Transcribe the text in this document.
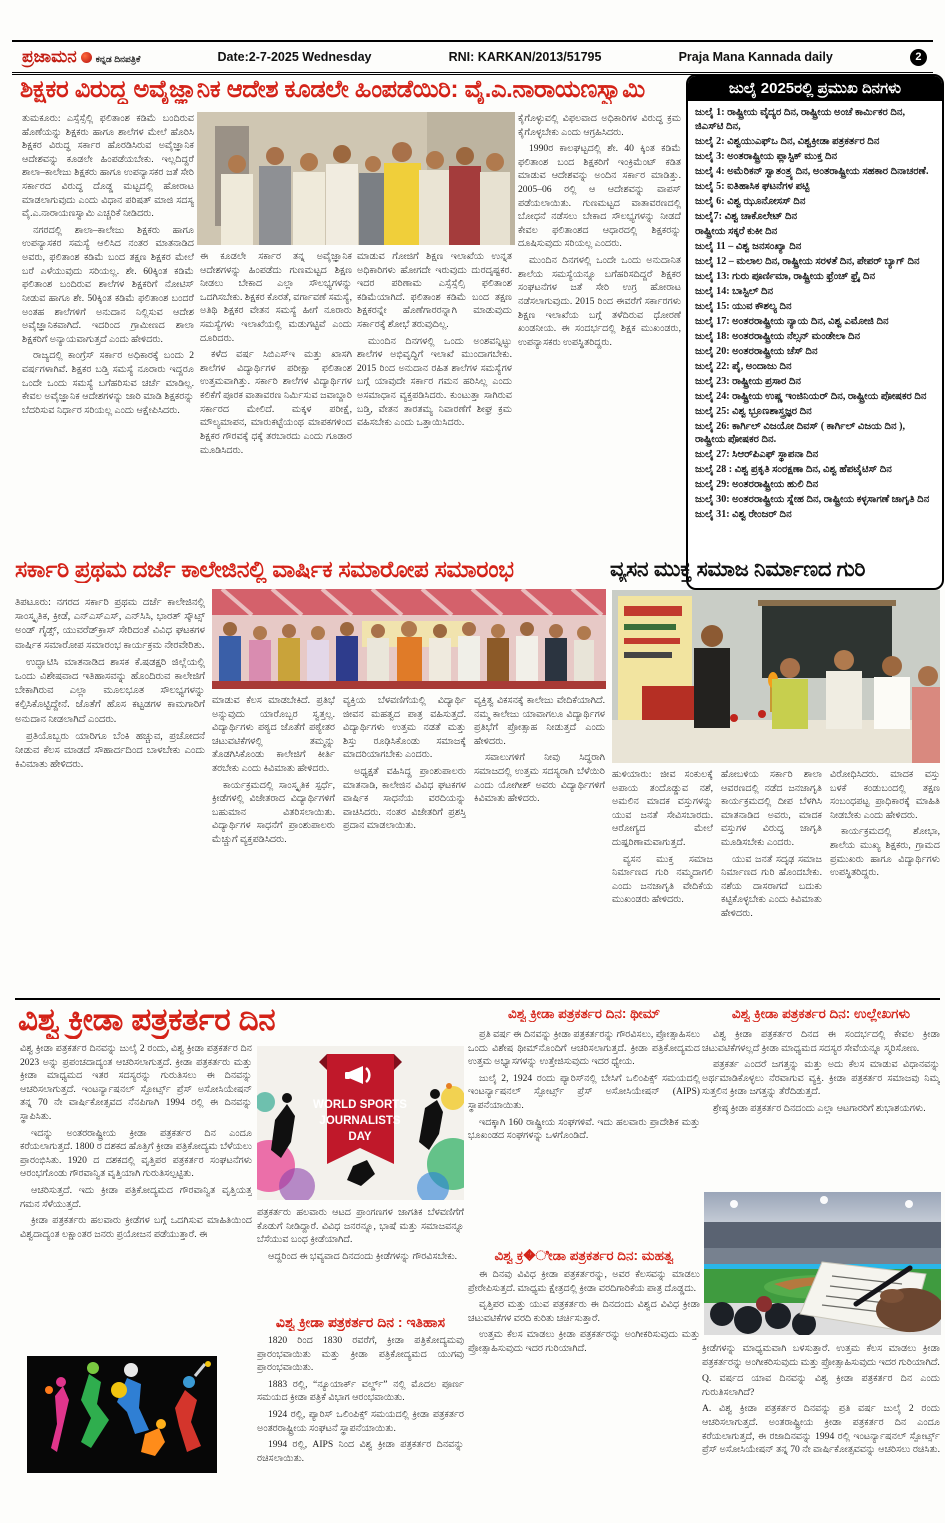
ಪ್ರಜಾಮನ ಕನ್ನಡ ದಿನಪತ್ರಿಕೆ	Date:2-7-2025 Wednesday	RNI: KARKAN/2013/51795	Praja Mana Kannada daily	2
ಶಿಕ್ಷಕರ ವಿರುದ್ಧ ಅವೈಜ್ಞಾನಿಕ ಆದೇಶ ಕೂಡಲೇ ಹಿಂಪಡೆಯಿರಿ: ವೈ.ಎ.ನಾರಾಯಣಸ್ವಾಮಿ

ತುಮಕೂರು: ಎಸ್ಸೆಸ್ಸೆಲ್ಲಿ ಫಲಿತಾಂಶ ಕಡಿಮೆ ಬಂದಿರುವ ಹೊಣೆಯನ್ನು ಶಿಕ್ಷಕರು ಹಾಗೂ ಶಾಲೆಗಳ ಮೇಲೆ ಹೊರಿಸಿ ಶಿಕ್ಷಕರ ವಿರುದ್ಧ ಸರ್ಕಾರ ಹೊರಡಿಸಿರುವ ಅವೈಜ್ಞಾನಿಕ ಆದೇಶವನ್ನು ಕೂಡಲೇ ಹಿಂಪಡೆಯಬೇಕು. ಇಲ್ಲದಿದ್ದರೆ ಶಾಲಾ–ಕಾಲೇಜು ಶಿಕ್ಷಕರು ಹಾಗೂ ಉಪನ್ಯಾಸಕರ ಜತೆ ಸೇರಿ ಸರ್ಕಾರದ ವಿರುದ್ಧ ದೊಡ್ಡ ಮಟ್ಟದಲ್ಲಿ ಹೋರಾಟ ಮಾಡಲಾಗುವುದು ಎಂದು ವಿಧಾನ ಪರಿಷತ್ ಮಾಜಿ ಸದಸ್ಯ ವೈ.ಎ.ನಾರಾಯಣಸ್ವಾಮಿ ಎಚ್ಚರಿಕೆ ನೀಡಿದರು.

ನಗರದಲ್ಲಿ ಶಾಲಾ–ಕಾಲೇಜು ಶಿಕ್ಷಕರು ಹಾಗೂ ಉಪನ್ಯಾಸಕರ ಸಮಸ್ಯೆ ಆಲಿಸಿದ ನಂತರ ಮಾತನಾಡಿದ ಅವರು, ಫಲಿತಾಂಶ ಕಡಿಮೆ ಬಂದ ತಕ್ಷಣ ಶಿಕ್ಷಕರ ಮೇಲೆ ಬರೆ ಎಳೆಯುವುದು ಸರಿಯಲ್ಲ. ಶೇ. 60ಕ್ಕಿಂತ ಕಡಿಮೆ ಫಲಿತಾಂಶ ಬಂದಿರುವ ಶಾಲೆಗಳ ಶಿಕ್ಷಕರಿಗೆ ನೋಟಿಸ್ ನೀಡುವ ಹಾಗೂ ಶೇ. 50ಕ್ಕಿಂತ ಕಡಿಮೆ ಫಲಿತಾಂಶ ಬಂದರೆ ಅಂತಹ ಶಾಲೆಗಳಿಗೆ ಅನುದಾನ ನಿಲ್ಲಿಸುವ ಆದೇಶ ಅವೈಜ್ಞಾನಿಕವಾಗಿದೆ. ಇದರಿಂದ ಗ್ರಾಮೀಣದ ಶಾಲಾ ಶಿಕ್ಷಕರಿಗೆ ಅನ್ಯಾಯವಾಗುತ್ತದೆ ಎಂದು ಹೇಳಿದರು.

ರಾಜ್ಯದಲ್ಲಿ ಕಾಂಗ್ರೆಸ್ ಸರ್ಕಾರ ಅಧಿಕಾರಕ್ಕೆ ಬಂದು 2 ವರ್ಷಗಳಾಗಿವೆ. ಶಿಕ್ಷಕರ ಬಡ್ತಿ ಸಮಸ್ಯೆ ನೂರಾರು ಇದ್ದರೂ ಒಂದೇ ಒಂದು ಸಮಸ್ಯೆ ಬಗೆಹರಿಸುವ ಚರ್ಚೆ ಮಾಡಿಲ್ಲ. ಕೇವಲ ಅವೈಜ್ಞಾನಿಕ ಆದೇಶಗಳನ್ನು ಜಾರಿ ಮಾಡಿ ಶಿಕ್ಷಕರನ್ನು ಬೆದರಿಸುವ ನಿರ್ಧಾರ ಸರಿಯಲ್ಲ ಎಂದು ಆಕ್ಷೇಪಿಸಿದರು.

ಈ ಕೂಡಲೇ ಸರ್ಕಾರ ತನ್ನ ಅವೈಜ್ಞಾನಿಕ ಆದೇಶಗಳನ್ನು ಹಿಂಪಡೆದು ಗುಣಮಟ್ಟದ ಶಿಕ್ಷಣ ನೀಡಲು ಬೇಕಾದ ಎಲ್ಲಾ ಸೌಲಭ್ಯಗಳನ್ನು ಒದಗಿಸಬೇಕು. ಶಿಕ್ಷಕರ ಕೊರತೆ, ವರ್ಗಾವಣೆ ಸಮಸ್ಯೆ, ಅತಿಥಿ ಶಿಕ್ಷಕರ ವೇತನ ಸಮಸ್ಯೆ ಹೀಗೆ ನೂರಾರು ಸಮಸ್ಯೆಗಳು ಇಲಾಖೆಯಲ್ಲಿ ಮಡುಗಟ್ಟಿವೆ ಎಂದು ದೂರಿದರು.

ಕಳೆದ ವರ್ಷ ಸಿಬಿಎಸ್‌ಇ ಮತ್ತು ಖಾಸಗಿ ಶಾಲೆಗಳ ವಿದ್ಯಾರ್ಥಿಗಳ ಪರೀಕ್ಷಾ ಫಲಿತಾಂಶ ಉತ್ತಮವಾಗಿತ್ತು. ಸರ್ಕಾರಿ ಶಾಲೆಗಳ ವಿದ್ಯಾರ್ಥಿಗಳ ಕಲಿಕೆಗೆ ಪೂರಕ ವಾತಾವರಣ ನಿರ್ಮಿಸುವ ಜವಾಬ್ದಾರಿ ಸರ್ಕಾರದ ಮೇಲಿದೆ. ಮಕ್ಕಳ ಪರೀಕ್ಷೆ, ಮೌಲ್ಯಮಾಪನ, ಮಾರುಕಟ್ಟೆಯಂಥ ಮಾಪಕಗಳಿಂದ ಶಿಕ್ಷಕರ ಗೌರವಕ್ಕೆ ಧಕ್ಕೆ ತರಬಾರದು ಎಂದು ಗೂಡಾರ ಮೂಡಿಸಿದರು.

ಮಾಡುವ ಗೋಜಿಗೆ ಶಿಕ್ಷಣ ಇಲಾಖೆಯ ಉನ್ನತ ಅಧಿಕಾರಿಗಳು ಹೋಗದೇ ಇರುವುದು ದುರದೃಷ್ಟಕರ. ಇದರ ಪರಿಣಾಮ ಎಸ್ಸೆಸ್ಸೆಲ್ಸಿ ಫಲಿತಾಂಶ ಕಡಿಮೆಯಾಗಿದೆ. ಫಲಿತಾಂಶ ಕಡಿಮೆ ಬಂದ ತಕ್ಷಣ ಶಿಕ್ಷಕರನ್ನೇ ಹೊಣೆಗಾರರನ್ನಾಗಿ ಮಾಡುವುದು ಸರ್ಕಾರಕ್ಕೆ ಶೋಭೆ ತರುವುದಿಲ್ಲ.

ಮುಂದಿನ ದಿನಗಳಲ್ಲಿ ಒಂದು ಅಂಶವನ್ನಿಟ್ಟು ಶಾಲೆಗಳ ಅಭಿವೃದ್ಧಿಗೆ ಇಲಾಖೆ ಮುಂದಾಗಬೇಕು. 2015 ರಿಂದ ಅನುದಾನ ರಹಿತ ಶಾಲೆಗಳ ಸಮಸ್ಯೆಗಳ ಬಗ್ಗೆ ಯಾವುದೇ ಸರ್ಕಾರ ಗಮನ ಹರಿಸಿಲ್ಲ ಎಂದು ಅಸಮಾಧಾನ ವ್ಯಕ್ತಪಡಿಸಿದರು. ಕುಂಟುತ್ತಾ ಸಾಗಿರುವ ಬಡ್ತಿ, ವೇತನ ತಾರತಮ್ಯ ನಿವಾರಣೆಗೆ ಶೀಘ್ರ ಕ್ರಮ ವಹಿಸಬೇಕು ಎಂದು ಒತ್ತಾಯಿಸಿದರು.

ಕೈಗೊಳ್ಳುವಲ್ಲಿ ವಿಫಲವಾದ ಅಧಿಕಾರಿಗಳ ವಿರುದ್ಧ ಕ್ರಮ ಕೈಗೊಳ್ಳಬೇಕು ಎಂದು ಆಗ್ರಹಿಸಿದರು.

1990ರ ಕಾಲಘಟ್ಟದಲ್ಲಿ ಶೇ. 40 ಕ್ಕಿಂತ ಕಡಿಮೆ ಫಲಿತಾಂಶ ಬಂದ ಶಿಕ್ಷಕರಿಗೆ ಇಂಕ್ರಿಮೆಂಟ್ ಕಡಿತ ಮಾಡುವ ಆದೇಶವನ್ನು ಅಂದಿನ ಸರ್ಕಾರ ಮಾಡಿತ್ತು. 2005–06 ರಲ್ಲಿ ಆ ಆದೇಶವನ್ನು ವಾಪಸ್ ಪಡೆಯಲಾಯಿತು. ಗುಣಮಟ್ಟದ ವಾತಾವರಣದಲ್ಲಿ ಬೋಧನೆ ನಡೆಸಲು ಬೇಕಾದ ಸೌಲಭ್ಯಗಳನ್ನು ನೀಡದೆ ಕೇವಲ ಫಲಿತಾಂಶದ ಆಧಾರದಲ್ಲಿ ಶಿಕ್ಷಕರನ್ನು ದೂಷಿಸುವುದು ಸರಿಯಲ್ಲ ಎಂದರು.

ಮುಂದಿನ ದಿನಗಳಲ್ಲಿ ಒಂದೇ ಒಂದು ಅನುದಾನಿತ ಶಾಲೆಯ ಸಮಸ್ಯೆಯನ್ನೂ ಬಗೆಹರಿಸದಿದ್ದರೆ ಶಿಕ್ಷಕರ ಸಂಘಟನೆಗಳ ಜತೆ ಸೇರಿ ಉಗ್ರ ಹೋರಾಟ ನಡೆಸಲಾಗುವುದು. 2015 ರಿಂದ ಈವರೆಗೆ ಸರ್ಕಾರಗಳು ಶಿಕ್ಷಣ ಇಲಾಖೆಯ ಬಗ್ಗೆ ತಳೆದಿರುವ ಧೋರಣೆ ಖಂಡನೀಯ. ಈ ಸಂದರ್ಭದಲ್ಲಿ ಶಿಕ್ಷಕ ಮುಖಂಡರು, ಉಪನ್ಯಾಸಕರು ಉಪಸ್ಥಿತರಿದ್ದರು.

ಜುಲೈ 2025ರಲ್ಲಿ ಪ್ರಮುಖ ದಿನಗಳು
ಜುಲೈ 1: ರಾಷ್ಟ್ರೀಯ ವೈದ್ಯರ ದಿನ, ರಾಷ್ಟ್ರೀಯ ಅಂಚೆ ಕಾರ್ಮಿಕರ ದಿನ, ಜಿಎಸ್‌ಟಿ ದಿನ,
ಜುಲೈ 2: ವಿಶ್ವಯುಎಫ್‌ಒ ದಿನ, ವಿಶ್ವಕ್ರೀಡಾ ಪತ್ರಕರ್ತರ ದಿನ
ಜುಲೈ 3: ಅಂತರಾಷ್ಟ್ರೀಯ ಪ್ಲಾಸ್ಟಿಕ್ ಮುಕ್ತ ದಿನ
ಜುಲೈ 4: ಅಮೆರಿಕನ್ ಸ್ವಾತಂತ್ರ್ಯ ದಿನ, ಅಂತರಾಷ್ಟ್ರೀಯ ಸಹಕಾರ ದಿನಾಚರಣೆ.
ಜುಲೈ 5: ಐತಿಹಾಸಿಕ ಘಟನೆಗಳ ಪಟ್ಟಿ
ಜುಲೈ 6: ವಿಶ್ವ ಝೂನೋಸಸ್ ದಿನ
ಜುಲೈ7: ವಿಶ್ವ ಚಾಕೊಲೇಟ್ ದಿನ
ರಾಷ್ಟ್ರೀಯ ಸಕ್ಕರೆ ಕುಕೀ ದಿನ
ಜುಲೈ 11 – ವಿಶ್ವ ಜನಸಂಖ್ಯಾ ದಿನ
ಜುಲೈ 12 – ಮಲಾಲ ದಿನ, ರಾಷ್ಟ್ರೀಯ ಸರಳತೆ ದಿನ, ಪೇಪರ್ ಬ್ಯಾಗ್ ದಿನ
ಜುಲೈ 13: ಗುರು ಪೂರ್ಣಿಮಾ, ರಾಷ್ಟ್ರೀಯ ಫ್ರೆಂಚ್ ಫ್ರೈ ದಿನ
ಜುಲೈ 14: ಬಾಸ್ಟಿಲ್ ದಿನ
ಜುಲೈ 15: ಯುವ ಕೌಶಲ್ಯ ದಿನ
ಜುಲೈ 17: ಅಂತರರಾಷ್ಟ್ರೀಯ ನ್ಯಾಯ ದಿನ, ವಿಶ್ವ ಎಮೋಜಿ ದಿನ
ಜುಲೈ 18: ಅಂತರರಾಷ್ಟ್ರೀಯ ನೆಲ್ಸನ್ ಮಂಡೇಲಾ ದಿನ
ಜುಲೈ 20: ಅಂತರರಾಷ್ಟ್ರೀಯ ಚೆಸ್ ದಿನ
ಜುಲೈ 22: ಪೈ, ಅಂದಾಜು ದಿನ
ಜುಲೈ 23: ರಾಷ್ಟ್ರೀಯ ಪ್ರಸಾರ ದಿನ
ಜುಲೈ 24: ರಾಷ್ಟ್ರೀಯ ಉಷ್ಣ ಇಂಜಿನಿಯರ್ ದಿನ, ರಾಷ್ಟ್ರೀಯ ಪೋಷಕರ ದಿನ
ಜುಲೈ 25: ವಿಶ್ವ ಭ್ರೂಣಶಾಸ್ತ್ರಜ್ಞರ ದಿನ
ಜುಲೈ 26: ಕಾರ್ಗಿಲ್ ವಿಜಯೋ ದಿವಸ್ ( ಕಾರ್ಗಿಲ್ ವಿಜಯ ದಿನ ), ರಾಷ್ಟ್ರೀಯ ಪೋಷಕರ ದಿನ.
ಜುಲೈ 27: ಸಿಆರ್‌ಪಿಎಫ್ ಸ್ಥಾಪನಾ ದಿನ
ಜುಲೈ 28 : ವಿಶ್ವ ಪ್ರಕೃತಿ ಸಂರಕ್ಷಣಾ ದಿನ, ವಿಶ್ವ ಹೆಪಟೈಟಿಸ್ ದಿನ
ಜುಲೈ 29: ಅಂತರರಾಷ್ಟ್ರೀಯ ಹುಲಿ ದಿನ
ಜುಲೈ 30: ಅಂತರರಾಷ್ಟ್ರೀಯ ಸ್ನೇಹ ದಿನ, ರಾಷ್ಟ್ರೀಯ ಕಳ್ಳಸಾಗಣೆ ಜಾಗೃತಿ ದಿನ
ಜುಲೈ 31: ವಿಶ್ವ ರೇಂಜರ್ ದಿನ
ಸರ್ಕಾರಿ ಪ್ರಥಮ ದರ್ಜೆ ಕಾಲೇಜಿನಲ್ಲಿ ವಾರ್ಷಿಕ ಸಮಾರೋಪ ಸಮಾರಂಭ	ವ್ಯಸನ ಮುಕ್ತ ಸಮಾಜ ನಿರ್ಮಾಣದ ಗುರಿ

ತಿಪಟೂರು: ನಗರದ ಸರ್ಕಾರಿ ಪ್ರಥಮ ದರ್ಜೆ ಕಾಲೇಜಿನಲ್ಲಿ ಸಾಂಸ್ಕೃತಿಕ, ಕ್ರೀಡೆ, ಎನ್‌ಎಸ್‌ಎಸ್, ಎನ್‌ಸಿಸಿ, ಭಾರತ್ ಸ್ಕೌಟ್ಸ್ ಅಂಡ್ ಗೈಡ್ಸ್, ಯುವರೆಡ್‌ಕ್ರಾಸ್ ಸೇರಿದಂತೆ ವಿವಿಧ ಘಟಕಗಳ ವಾರ್ಷಿಕ ಸಮಾರೋಪ ಸಮಾರಂಭ ಕಾರ್ಯಕ್ರಮ ನೇರವೇರಿತು.

ಉದ್ಘಾಟಿಸಿ ಮಾತನಾಡಿದ ಶಾಸಕ ಕೆ.ಷಡಕ್ಷರಿ ಜಿಲ್ಲೆಯಲ್ಲಿ ಒಂದು ವಿಶೇಷವಾದ ಇತಿಹಾಸವನ್ನು ಹೊಂದಿರುವ ಕಾಲೇಜಿಗೆ ಬೇಕಾಗಿರುವ ಎಲ್ಲಾ ಮೂಲಭೂತ ಸೌಲಭ್ಯಗಳನ್ನು ಕಲ್ಪಿಸಿಕೊಟ್ಟಿದ್ದೇನೆ. ಜೊತೆಗೆ ಹೊಸ ಕಟ್ಟಡಗಳ ಕಾಮಗಾರಿಗೆ ಅನುದಾನ ನೀಡಲಾಗಿದೆ ಎಂದರು.

ಪ್ರತಿಯೊಬ್ಬರು ಯಾರಿಗೂ ಬೆಂಕಿ ಹಚ್ಚುವ, ಪ್ರಚೋದನೆ ನೀಡುವ ಕೆಲಸ ಮಾಡದೆ ಸೌಹಾರ್ದದಿಂದ ಬಾಳಬೇಕು ಎಂದು ಕಿವಿಮಾತು ಹೇಳಿದರು.

ಮಾಡುವ ಕೆಲಸ ಮಾಡಬೇಕಿದೆ. ಪ್ರತಿಭೆ ಅನ್ನುವುದು ಯಾರೊಬ್ಬರ ಸ್ವತ್ತಲ್ಲ. ವಿದ್ಯಾರ್ಥಿಗಳು ಪಠ್ಯದ ಜೊತೆಗೆ ಪಠ್ಯೇತರ ಚಟುವಟಿಕೆಗಳಲ್ಲಿ ತಮ್ಮನ್ನು ತೊಡಗಿಸಿಕೊಂಡು ಕಾಲೇಜಿಗೆ ಕೀರ್ತಿ ತರಬೇಕು ಎಂದು ಕಿವಿಮಾತು ಹೇಳಿದರು.

ಕಾರ್ಯಕ್ರಮದಲ್ಲಿ ಸಾಂಸ್ಕೃತಿಕ ಸ್ಪರ್ಧೆ, ಕ್ರೀಡೆಗಳಲ್ಲಿ ವಿಜೇತರಾದ ವಿದ್ಯಾರ್ಥಿಗಳಿಗೆ ಬಹುಮಾನ ವಿತರಿಸಲಾಯಿತು. ವಿದ್ಯಾರ್ಥಿಗಳ ಸಾಧನೆಗೆ ಪ್ರಾಂಶುಪಾಲರು ಮೆಚ್ಚುಗೆ ವ್ಯಕ್ತಪಡಿಸಿದರು.

ವ್ಯಕ್ತಿಯ ಬೆಳವಣಿಗೆಯಲ್ಲಿ ವಿದ್ಯಾರ್ಥಿ ಜೀವನ ಮಹತ್ವದ ಪಾತ್ರ ವಹಿಸುತ್ತದೆ. ವಿದ್ಯಾರ್ಥಿಗಳು ಉತ್ತಮ ನಡತೆ ಮತ್ತು ಶಿಸ್ತು ರೂಢಿಸಿಕೊಂಡು ಸಮಾಜಕ್ಕೆ ಮಾದರಿಯಾಗಬೇಕು ಎಂದರು.

ಅಧ್ಯಕ್ಷತೆ ವಹಿಸಿದ್ದ ಪ್ರಾಂಶುಪಾಲರು ಮಾತನಾಡಿ, ಕಾಲೇಜಿನ ವಿವಿಧ ಘಟಕಗಳ ವಾರ್ಷಿಕ ಸಾಧನೆಯ ವರದಿಯನ್ನು ವಾಚಿಸಿದರು. ನಂತರ ವಿಜೇತರಿಗೆ ಪ್ರಶಸ್ತಿ ಪ್ರದಾನ ಮಾಡಲಾಯಿತು.

ವ್ಯಕ್ತಿತ್ವ ವಿಕಸನಕ್ಕೆ ಕಾಲೇಜು ವೇದಿಕೆಯಾಗಿದೆ. ನಮ್ಮ ಕಾಲೇಜು ಯಾವಾಗಲೂ ವಿದ್ಯಾರ್ಥಿಗಳ ಪ್ರತಿಭೆಗೆ ಪ್ರೋತ್ಸಾಹ ನೀಡುತ್ತದೆ ಎಂದು ಹೇಳಿದರು.

ಸವಾಲುಗಳಿಗೆ ನೀವು ಸಿದ್ಧರಾಗಿ ಸಮಾಜದಲ್ಲಿ ಉತ್ತಮ ಸದಸ್ಯರಾಗಿ ಬೆಳೆಯಿರಿ ಎಂದು ಯೋಗೀಶ್ ಅವರು ವಿದ್ಯಾರ್ಥಿಗಳಿಗೆ ಕಿವಿಮಾತು ಹೇಳಿದರು.

ಹುಳಿಯಾರು: ಜೀವ ಸಂಕುಲಕ್ಕೆ ಅಪಾಯ ತಂದೊಡ್ಡುವ ನಶೆ, ಅಮಲಿನ ಮಾದಕ ವಸ್ತುಗಳನ್ನು ಯುವ ಜನತೆ ಸೇವಿಸಬಾರದು. ಆರೋಗ್ಯದ ಮೇಲೆ ದುಷ್ಪರಿಣಾಮವಾಗುತ್ತದೆ.

ವ್ಯಸನ ಮುಕ್ತ ಸಮಾಜ ನಿರ್ಮಾಣದ ಗುರಿ ನಮ್ಮದಾಗಲಿ ಎಂದು ಜನಜಾಗೃತಿ ವೇದಿಕೆಯ ಮುಖಂಡರು ಹೇಳಿದರು.

ಹೋಬಳಿಯ ಸರ್ಕಾರಿ ಶಾಲಾ ಆವರಣದಲ್ಲಿ ನಡೆದ ಜನಜಾಗೃತಿ ಕಾರ್ಯಕ್ರಮದಲ್ಲಿ ದೀಪ ಬೆಳಗಿಸಿ ಮಾತನಾಡಿದ ಅವರು, ಮಾದಕ ವಸ್ತುಗಳ ವಿರುದ್ಧ ಜಾಗೃತಿ ಮೂಡಿಸಬೇಕು ಎಂದರು.

ಯುವ ಜನತೆ ಸದೃಢ ಸಮಾಜ ನಿರ್ಮಾಣದ ಗುರಿ ಹೊಂದಬೇಕು. ನಶೆಯ ದಾಸರಾಗದೆ ಬದುಕು ಕಟ್ಟಿಕೊಳ್ಳಬೇಕು ಎಂದು ಕಿವಿಮಾತು ಹೇಳಿದರು.

ವಿರೋಧಿಸಿದರು. ಮಾದಕ ವಸ್ತು ಬಳಕೆ ಕಂಡುಬಂದಲ್ಲಿ ತಕ್ಷಣ ಸಂಬಂಧಪಟ್ಟ ಪ್ರಾಧಿಕಾರಕ್ಕೆ ಮಾಹಿತಿ ನೀಡಬೇಕು ಎಂದು ಹೇಳಿದರು.

ಕಾರ್ಯಕ್ರಮದಲ್ಲಿ ಶೋಭಾ, ಶಾಲೆಯ ಮುಖ್ಯ ಶಿಕ್ಷಕರು, ಗ್ರಾಮದ ಪ್ರಮುಖರು ಹಾಗೂ ವಿದ್ಯಾರ್ಥಿಗಳು ಉಪಸ್ಥಿತರಿದ್ದರು.

ವಿಶ್ವ ಕ್ರೀಡಾ ಪತ್ರಕರ್ತರ ದಿನ	ವಿಶ್ವ ಕ್ರೀಡಾ ಪತ್ರಕರ್ತರ ದಿನ: ಥೀಮ್	ವಿಶ್ವ ಕ್ರೀಡಾ ಪತ್ರಕರ್ತರ ದಿನ: ಉಲ್ಲೇಖಗಳು

ವಿಶ್ವ ಕ್ರೀಡಾ ಪತ್ರಕರ್ತರ ದಿನವನ್ನು ಜುಲೈ 2 ರಂದು, ವಿಶ್ವ ಕ್ರೀಡಾ ಪತ್ರಕರ್ತರ ದಿನ 2023 ಅನ್ನು ಪ್ರಪಂಚದಾದ್ಯಂತ ಆಚರಿಸಲಾಗುತ್ತದೆ. ಕ್ರೀಡಾ ಪತ್ರಕರ್ತರು ಮತ್ತು ಕ್ರೀಡಾ ಮಾಧ್ಯಮದ ಇತರ ಸದಸ್ಯರನ್ನು ಗುರುತಿಸಲು ಈ ದಿನವನ್ನು ಆಚರಿಸಲಾಗುತ್ತದೆ. ಇಂಟರ್ನ್ಯಾಷನಲ್ ಸ್ಪೋರ್ಟ್ಸ್ ಪ್ರೆಸ್ ಅಸೋಸಿಯೇಷನ್ ತನ್ನ 70 ನೇ ವಾರ್ಷಿಕೋತ್ಸವದ ನೆನಪಿಗಾಗಿ 1994 ರಲ್ಲಿ ಈ ದಿನವನ್ನು ಸ್ಥಾಪಿಸಿತು.

ಇದನ್ನು ಅಂತರರಾಷ್ಟ್ರೀಯ ಕ್ರೀಡಾ ಪತ್ರಕರ್ತರ ದಿನ ಎಂದೂ ಕರೆಯಲಾಗುತ್ತದೆ. 1800 ರ ದಶಕದ ಹೊತ್ತಿಗೆ ಕ್ರೀಡಾ ಪತ್ರಿಕೋದ್ಯಮ ಬೆಳೆಯಲು ಪ್ರಾರಂಭಿಸಿತು. 1920 ದ ದಶಕದಲ್ಲಿ ವೃತ್ತಿಪರ ಪತ್ರಕರ್ತರ ಸಂಘಟನೆಗಳು ಆರಂಭಗೊಂಡು ಗೌರವಾನ್ವಿತ ವೃತ್ತಿಯಾಗಿ ಗುರುತಿಸಲ್ಪಟ್ಟಿತು.

ಆಚರಿಸುತ್ತದೆ. ಇದು ಕ್ರೀಡಾ ಪತ್ರಿಕೋದ್ಯಮದ ಗೌರವಾನ್ವಿತ ವೃತ್ತಿಯತ್ತ ಗಮನ ಸೆಳೆಯುತ್ತದೆ.

ಕ್ರೀಡಾ ಪತ್ರಕರ್ತರು ಹಲವಾರು ಕ್ರೀಡೆಗಳ ಬಗ್ಗೆ ಒದಗಿಸುವ ಮಾಹಿತಿಯಿಂದ ವಿಶ್ವದಾದ್ಯಂತ ಲಕ್ಷಾಂತರ ಜನರು ಪ್ರಯೋಜನ ಪಡೆಯುತ್ತಾರೆ. ಈ

WORLD SPORTS
JOURNALISTS
DAY

ಪತ್ರಕರ್ತರು ಹಲವಾರು ಆಟದ ಪ್ರಾಂಗಣಗಳ ಜಾಗತಿಕ ಬೆಳವಣಿಗೆಗೆ ಕೊಡುಗೆ ನೀಡಿದ್ದಾರೆ. ವಿವಿಧ ಜನರನ್ನೂ, ಭಾಷೆ ಮತ್ತು ಸಮಾಜವನ್ನೂ ಬೆಸೆಯುವ ಬಂಧ ಕ್ರೀಡೆಯಾಗಿದೆ.

ಆದ್ದರಿಂದ ಈ ಭವ್ಯವಾದ ದಿನದಂದು ಕ್ರೀಡೆಗಳನ್ನು ಗೌರವಿಸಬೇಕು.

ವಿಶ್ವ ಕ್ರೀಡಾ ಪತ್ರಕರ್ತರ ದಿನ : ಇತಿಹಾಸ

1820 ರಿಂದ 1830 ರವರೆಗೆ, ಕ್ರೀಡಾ ಪತ್ರಿಕೋದ್ಯಮವು ಪ್ರಾರಂಭವಾಯಿತು ಮತ್ತು ಕ್ರೀಡಾ ಪತ್ರಿಕೋದ್ಯಮದ ಯುಗವು ಪ್ರಾರಂಭವಾಯಿತು.

1883 ರಲ್ಲಿ, “ನ್ಯೂಯಾರ್ಕ್ ವರ್ಲ್ಡ್” ನಲ್ಲಿ ಮೊದಲ ಪೂರ್ಣ ಸಮಯದ ಕ್ರೀಡಾ ಪತ್ರಿಕೆ ವಿಭಾಗ ಆರಂಭವಾಯಿತು.

1924 ರಲ್ಲಿ, ಪ್ಯಾರಿಸ್ ಒಲಿಂಪಿಕ್ಸ್ ಸಮಯದಲ್ಲಿ ಕ್ರೀಡಾ ಪತ್ರಕರ್ತರ ಅಂತರರಾಷ್ಟ್ರೀಯ ಸಂಘಟನೆ ಸ್ಥಾಪನೆಯಾಯಿತು.

1994 ರಲ್ಲಿ, AIPS ನಿಂದ ವಿಶ್ವ ಕ್ರೀಡಾ ಪತ್ರಕರ್ತರ ದಿನವನ್ನು ರಚಿಸಲಾಯಿತು.

ಪ್ರತಿ ವರ್ಷ ಈ ದಿನವನ್ನು ಕ್ರೀಡಾ ಪತ್ರಕರ್ತರನ್ನು ಗೌರವಿಸಲು, ಪ್ರೋತ್ಸಾಹಿಸಲು ಒಂದು ವಿಶೇಷ ಥೀಮ್‌ನೊಂದಿಗೆ ಆಚರಿಸಲಾಗುತ್ತದೆ. ಕ್ರೀಡಾ ಪತ್ರಿಕೋದ್ಯಮದ ಉತ್ತಮ ಅಭ್ಯಾಸಗಳನ್ನು ಉತ್ತೇಜಿಸುವುದು ಇದರ ಧ್ಯೇಯ.

ಜುಲೈ 2, 1924 ರಂದು ಪ್ಯಾರಿಸ್‌ನಲ್ಲಿ ಬೇಸಿಗೆ ಒಲಿಂಪಿಕ್ಸ್ ಸಮಯದಲ್ಲಿ ಇಂಟರ್ನ್ಯಾಷನಲ್ ಸ್ಪೋರ್ಟ್ಸ್ ಪ್ರೆಸ್ ಅಸೋಸಿಯೇಷನ್ (AIPS) ಸ್ಥಾಪನೆಯಾಯಿತು.

ಇದಕ್ಕಾಗಿ 160 ರಾಷ್ಟ್ರೀಯ ಸಂಘಗಳಿವೆ. ಇದು ಹಲವಾರು ಪ್ರಾದೇಶಿಕ ಮತ್ತು ಭೂಖಂಡದ ಸಂಘಗಳನ್ನು ಒಳಗೊಂಡಿದೆ.

ವಿಶ್ವ ಕ್ರ�ೀಡಾ ಪತ್ರಕರ್ತರ ದಿನ: ಮಹತ್ವ

ಈ ದಿನವು ವಿವಿಧ ಕ್ರೀಡಾ ಪತ್ರಕರ್ತರನ್ನು, ಅವರ ಕೆಲಸವನ್ನು ಮಾಡಲು ಪ್ರೇರೇಪಿಸುತ್ತದೆ. ಮಾಧ್ಯಮ ಕ್ಷೇತ್ರದಲ್ಲಿ ಕ್ರೀಡಾ ವರದಿಗಾರಿಕೆಯ ಪಾತ್ರ ದೊಡ್ಡದು.

ವೃತ್ತಿಪರ ಮತ್ತು ಯುವ ಪತ್ರಕರ್ತರು ಈ ದಿನದಂದು ವಿಶ್ವದ ವಿವಿಧ ಕ್ರೀಡಾ ಚಟುವಟಿಕೆಗಳ ವರದಿ ಕುರಿತು ಚರ್ಚಿಸುತ್ತಾರೆ.

ಉತ್ತಮ ಕೆಲಸ ಮಾಡಲು ಕ್ರೀಡಾ ಪತ್ರಕರ್ತರನ್ನು ಅಂಗೀಕರಿಸುವುದು ಮತ್ತು ಪ್ರೋತ್ಸಾಹಿಸುವುದು ಇದರ ಗುರಿಯಾಗಿದೆ.

ವಿಶ್ವ ಕ್ರೀಡಾ ಪತ್ರಕರ್ತರ ದಿನದ ಈ ಸಂದರ್ಭದಲ್ಲಿ ಕೇವಲ ಕ್ರೀಡಾ ಚಟುವಟಿಕೆಗಳಲ್ಲದೆ ಕ್ರೀಡಾ ಮಾಧ್ಯಮದ ಸದಸ್ಯರ ಸೇವೆಯನ್ನೂ ಸ್ಮರಿಸೋಣ.

ಪತ್ರಕರ್ತ ಎಂದರೆ ಜಗತ್ತನ್ನು ಮತ್ತು ಅದು ಕೆಲಸ ಮಾಡುವ ವಿಧಾನವನ್ನು ಅರ್ಥಮಾಡಿಕೊಳ್ಳಲು ನೆರವಾಗುವ ವ್ಯಕ್ತಿ. ಕ್ರೀಡಾ ಪತ್ರಕರ್ತರ ಸಮಾಜವು ನಿಮ್ಮ ಸುತ್ತಲಿನ ಕ್ರೀಡಾ ಜಗತ್ತನ್ನು ತೆರೆದಿಡುತ್ತದೆ.

ಶ್ರೇಷ್ಠ ಕ್ರೀಡಾ ಪತ್ರಕರ್ತರ ದಿನದಂದು ಎಲ್ಲಾ ಆಟಗಾರರಿಗೆ ಶುಭಾಶಯಗಳು.

ಕ್ರೀಡೆಗಳನ್ನು ಮಾಧ್ಯಮವಾಗಿ ಬಳಸುತ್ತಾರೆ. ಉತ್ತಮ ಕೆಲಸ ಮಾಡಲು ಕ್ರೀಡಾ ಪತ್ರಕರ್ತರನ್ನು ಅಂಗೀಕರಿಸುವುದು ಮತ್ತು ಪ್ರೋತ್ಸಾಹಿಸುವುದು ಇದರ ಗುರಿಯಾಗಿದೆ.

Q. ವರ್ಷದ ಯಾವ ದಿನವನ್ನು ವಿಶ್ವ ಕ್ರೀಡಾ ಪತ್ರಕರ್ತರ ದಿನ ಎಂದು ಗುರುತಿಸಲಾಗಿದೆ?

A. ವಿಶ್ವ ಕ್ರೀಡಾ ಪತ್ರಕರ್ತರ ದಿನವನ್ನು ಪ್ರತಿ ವರ್ಷ ಜುಲೈ 2 ರಂದು ಆಚರಿಸಲಾಗುತ್ತದೆ. ಅಂತರಾಷ್ಟ್ರೀಯ ಕ್ರೀಡಾ ಪತ್ರಕರ್ತರ ದಿನ ಎಂದೂ ಕರೆಯಲಾಗುತ್ತದೆ, ಈ ರಜಾದಿನವನ್ನು 1994 ರಲ್ಲಿ ಇಂಟರ್ನ್ಯಾಷನಲ್ ಸ್ಪೋರ್ಟ್ಸ್ ಪ್ರೆಸ್ ಅಸೋಸಿಯೇಷನ್ ತನ್ನ 70 ನೇ ವಾರ್ಷಿಕೋತ್ಸವವನ್ನು ಆಚರಿಸಲು ರಚಿಸಿತು.
